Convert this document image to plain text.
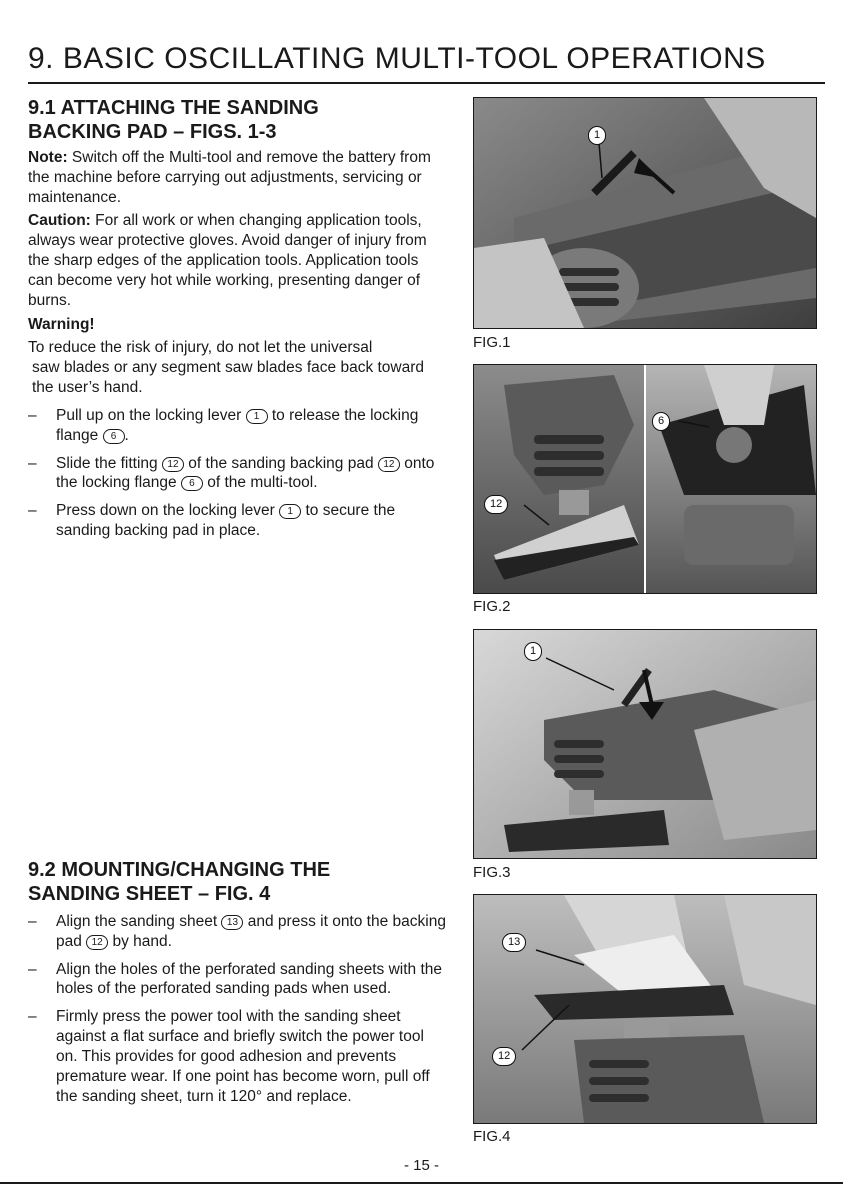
9. BASIC OSCILLATING MULTI-TOOL OPERATIONS
9.1 ATTACHING THE SANDING
BACKING PAD – FIGS. 1-3

Note: Switch off the Multi-tool and remove the battery from the machine before carrying out adjustments, servicing or maintenance.

Caution: For all work or when changing application tools, always wear protective gloves. Avoid danger of injury from the sharp edges of the application tools. Application tools can become very hot while working, presenting danger of burns.

Warning!

To reduce the risk of injury, do not let the universal
saw blades or any segment saw blades face back toward the user’s hand.

– Pull up on the locking lever 1 to release the locking flange 6 .
– Slide the fitting 12 of the sanding backing pad 12 onto the locking flange 6 of the multi-tool.
– Press down on the locking lever 1 to secure the sanding backing pad in place.
9.2 MOUNTING/CHANGING THE
SANDING SHEET – FIG. 4
– Align the sanding sheet 13 and press it onto the backing pad 12 by hand.
– Align the holes of the perforated sanding sheets with the holes of the perforated sanding pads when used.
– Firmly press the power tool with the sanding sheet against a flat surface and briefly switch the power tool on. This provides for good adhesion and prevents premature wear. If one point has become worn, pull off the sanding sheet, turn it 120° and replace.
1
FIG.1
12
6
FIG.2
1
FIG.3
13
12
FIG.4
- 15 -
